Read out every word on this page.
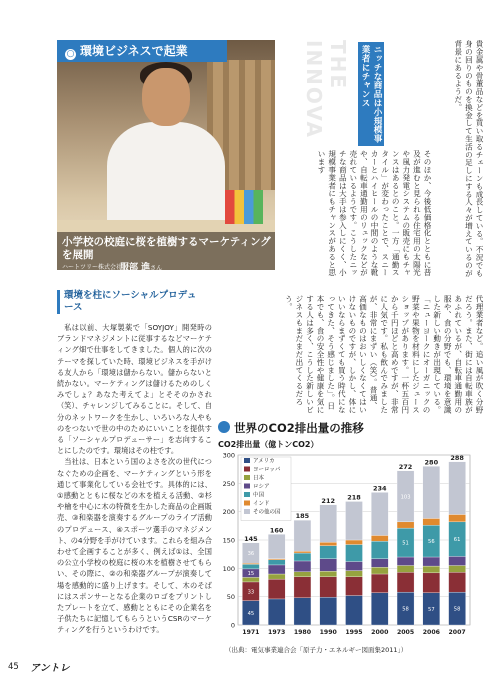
○ 環境ビジネスで起業
小学校の校庭に桜を植樹するマーケティングを展開
ハートツリー株式会社
服部 進さん
THE INNOVA	ニッチな商品は小規模事業者にチャンス	貴金属や骨董品などを買い取るチェーンも成長している。不況でも身の回りのものを換金して生活の足しにする人々が増えているのが背景にあるようだ。
そのほか、今後低価格化とともに普及が進むと見られる住宅用の太陽光や風力発電システムの販売にもチャンスはあるとのこと。一方「通勤スタイル」が変わったことで、スニーカーとハイヒールの中間のような靴や、自転車通勤用のリュックなどが売れているようです。こうしたニッチな商品は大手は参入しにくく、小規模事業者にもチャンスがあると思います
代理業者など。追い風が吹く分野だろう。また、街には自転車族があふれているが、自転車通勤用の服や、食の分野でも、環境を意識した新しい動きが出現している。「ニューヨークにオーガニックの野菜や果物を材料にしたジュースショップがあります。一杯五百円から千円ほどと高めですが、非常に人気です。私も飲んでみましたが、非常にまずい（笑）。普通、高価なものはおいしくなくてはいけないものですが、しかし、体にいいならまずくても買う時代になってきた、そう感じました」。日本でも、食の安全性や健康を気にする人は多く、こうした新しいビジネスもまだまだ出てくるだろう。
環境を柱にソーシャルプロデュース

私は以前、大塚製薬で「SOYJOY」開発時のブランドマネジメントに従事するなどマーケティング畑で仕事をしてきました。個人的に次のテーマを探していた時、環境ビジネスを手がける友人から「環境は儲からない。儲からないと続かない。マーケティングは儲けるためのしくみでしょ？あなた考えてよ」とそそのかされ（笑）、チャレンジしてみることに。そして、自分のネットワークを生かし、いろいろな人やものをつないで世の中のためにいいことを提供する「ソーシャルプロデューサー」を志向することにしたのです。環境はその柱です。

当社は、日本という国のよさを次の世代につなぐための企画を、マーケティングという形を通じて事業化している会社です。具体的には、①感動とともに桜などの木を植える活動、②杉や檜を中心に木の特徴を生かした商品の企画販売、③和楽器を演奏するグループのライブ活動のプロデュース、④スポーツ選手のマネジメント、の4分野を手がけています。これらを組み合わせて企画することが多く、例えば①は、全国の公立小学校の校庭に桜の木を植樹させてもらい、その際に、②の和楽器グループが演奏して場を感動的に盛り上げます。そして、木のそばにはスポンサーとなる企業のロゴをプリントしたプレートを立て、感動とともにその企業名を子供たちに記憶してもらうというCSRのマーケティングを行うというわけです。

世界のCO2排出量の推移
CO2排出量（億トンCO2）
0
50
100
150
200
250
300
45
33
15
36
145
1971
160
1973
185
1980
212
1990
218
1995
234
2000
58
51
103
272
2005
57
56
280
2006
58
61
288
2007
アメリカ
ヨーロッパ
日本
ロシア
中国
インド
その他の国
（出典：電気事業連合会「原子力・エネルギー図面集2011」）
45 アントレ
